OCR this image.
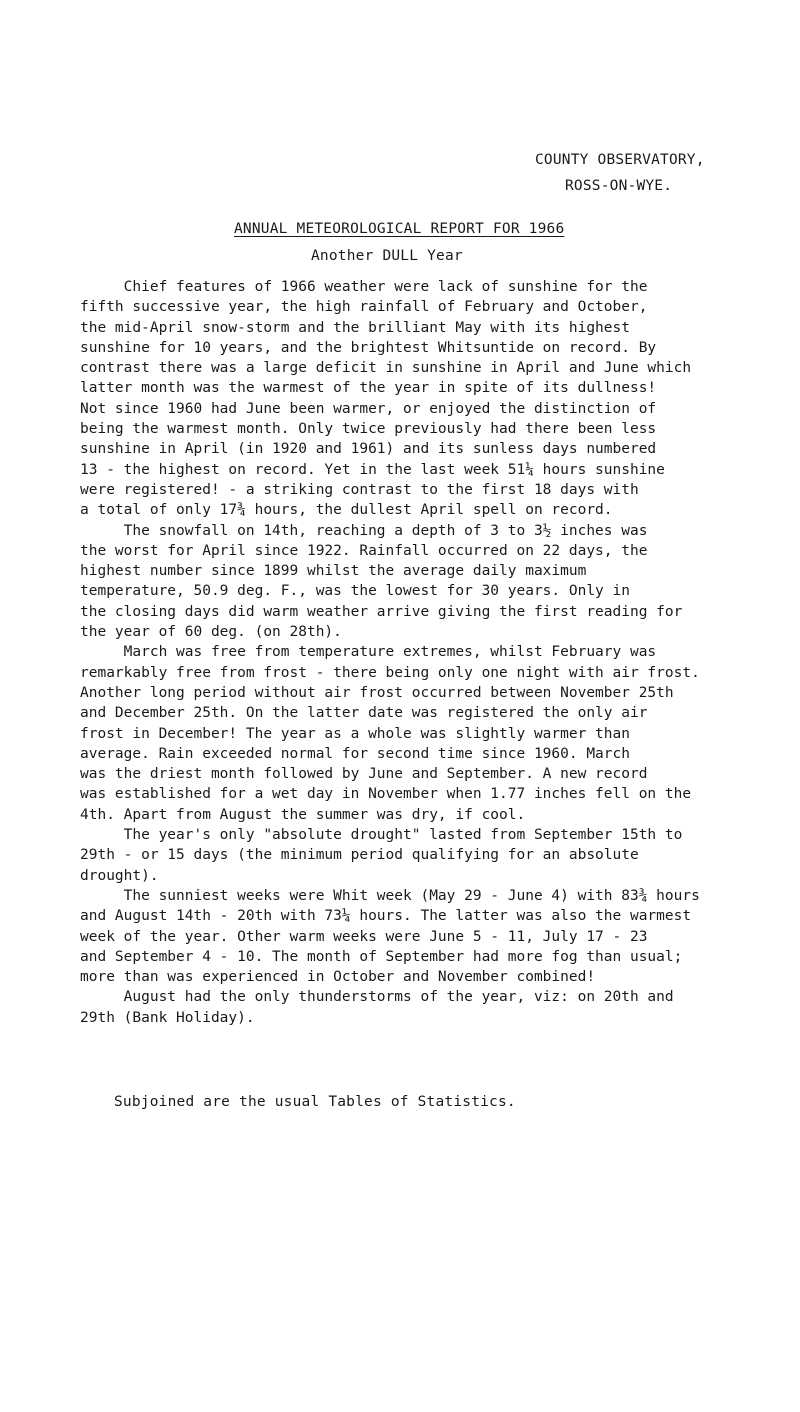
COUNTY OBSERVATORY,
ROSS-ON-WYE.
ANNUAL METEOROLOGICAL REPORT FOR 1966
Another DULL Year
Chief features of 1966 weather were lack of sunshine for the
fifth successive year, the high rainfall of February and October,
the mid-April snow-storm and the brilliant May with its highest
sunshine for 10 years, and the brightest Whitsuntide on record. By
contrast there was a large deficit in sunshine in April and June which
latter month was the warmest of the year in spite of its dullness!
Not since 1960 had June been warmer, or enjoyed the distinction of
being the warmest month. Only twice previously had there been less
sunshine in April (in 1920 and 1961) and its sunless days numbered
13 - the highest on record. Yet in the last week 51¼ hours sunshine
were registered! - a striking contrast to the first 18 days with
a total of only 17¾ hours, the dullest April spell on record.
The snowfall on 14th, reaching a depth of 3 to 3½ inches was
the worst for April since 1922. Rainfall occurred on 22 days, the
highest number since 1899 whilst the average daily maximum
temperature, 50.9 deg. F., was the lowest for 30 years. Only in
the closing days did warm weather arrive giving the first reading for
the year of 60 deg. (on 28th).
March was free from temperature extremes, whilst February was
remarkably free from frost - there being only one night with air frost.
Another long period without air frost occurred between November 25th
and December 25th. On the latter date was registered the only air
frost in December! The year as a whole was slightly warmer than
average. Rain exceeded normal for second time since 1960. March
was the driest month followed by June and September. A new record
was established for a wet day in November when 1.77 inches fell on the
4th. Apart from August the summer was dry, if cool.
The year's only "absolute drought" lasted from September 15th to
29th - or 15 days (the minimum period qualifying for an absolute
drought).
The sunniest weeks were Whit week (May 29 - June 4) with 83¾ hours
and August 14th - 20th with 73¼ hours. The latter was also the warmest
week of the year. Other warm weeks were June 5 - 11, July 17 - 23
and September 4 - 10. The month of September had more fog than usual;
more than was experienced in October and November combined!
August had the only thunderstorms of the year, viz: on 20th and
29th (Bank Holiday).
Subjoined are the usual Tables of Statistics.
